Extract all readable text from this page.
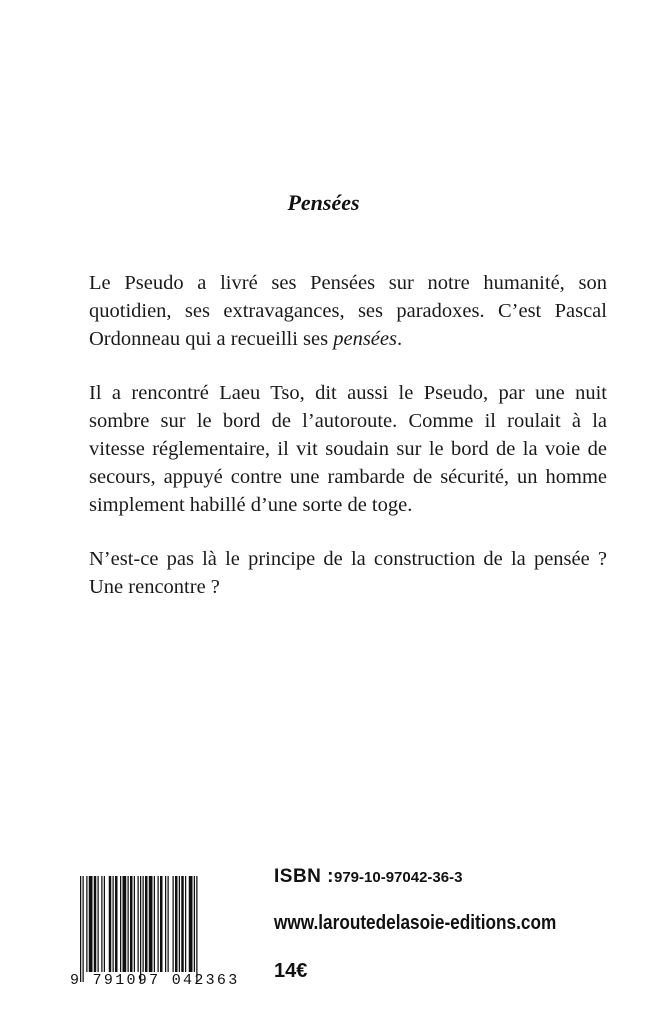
Pensées

Le Pseudo a livré ses Pensées sur notre humanité, son quotidien, ses extravagances, ses paradoxes. C’est Pascal Ordonneau qui a recueilli ses pensées.

Il a rencontré Laeu Tso, dit aussi le Pseudo, par une nuit sombre sur le bord de l’autoroute. Comme il roulait à la vitesse réglementaire, il vit soudain sur le bord de la voie de secours, appuyé contre une rambarde de sécurité, un homme simplement habillé d’une sorte de toge.

N’est-ce pas là le principe de la construction de la pensée ? Une rencontre ?

9 791097 042363
ISBN :979-10-97042-36-3
www.laroutedelasoie-editions.com
14€
